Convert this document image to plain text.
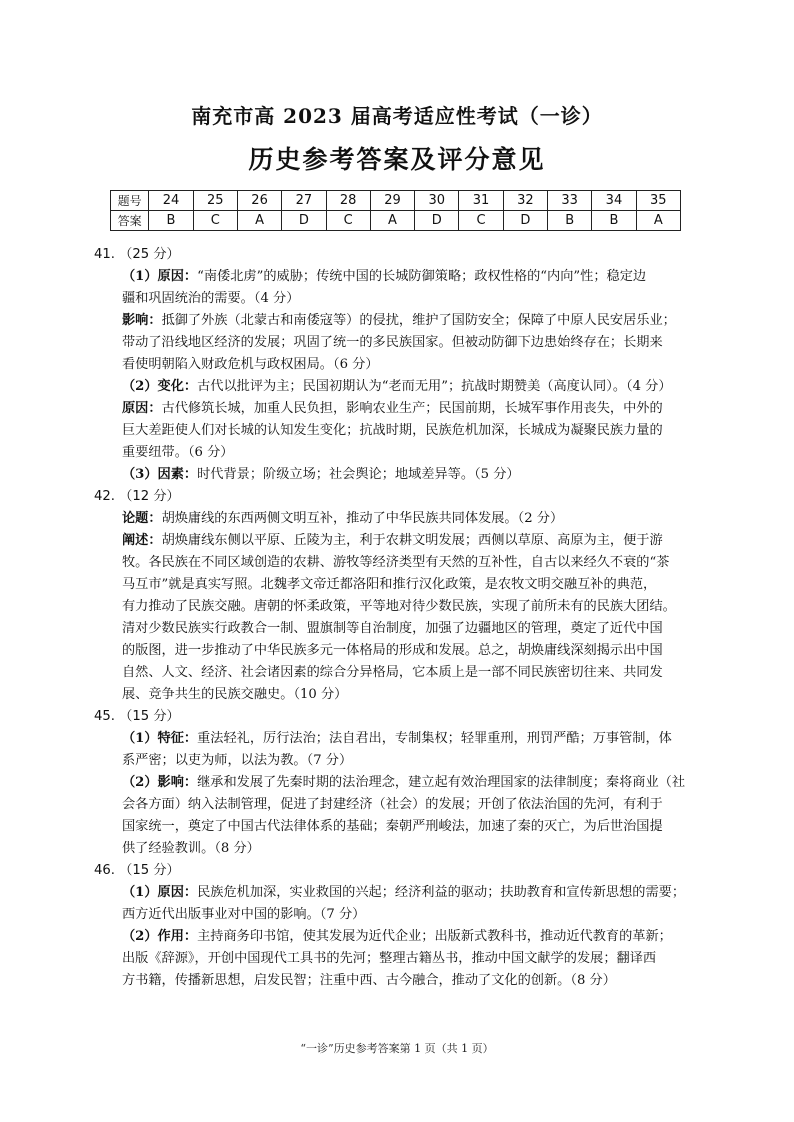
南充市高 2023 届高考适应性考试（一诊）
历史参考答案及评分意见
题号	24	25	26	27	28	29	30	31	32	33	34	35
答案	B	C	A	D	C	A	D	C	D	B	B	A
41. （25 分）
（1）原因：“南倭北虏”的威胁；传统中国的长城防御策略；政权性格的“内向”性；稳定边
疆和巩固统治的需要。（4 分）
影响：抵御了外族（北蒙古和南倭寇等）的侵扰，维护了国防安全；保障了中原人民安居乐业；
带动了沿线地区经济的发展；巩固了统一的多民族国家。但被动防御下边患始终存在；长期来
看使明朝陷入财政危机与政权困局。（6 分）
（2）变化：古代以批评为主；民国初期认为“老而无用”；抗战时期赞美（高度认同）。（4 分）
原因：古代修筑长城，加重人民负担，影响农业生产；民国前期，长城军事作用丧失，中外的
巨大差距使人们对长城的认知发生变化；抗战时期，民族危机加深，长城成为凝聚民族力量的
重要纽带。（6 分）
（3）因素：时代背景；阶级立场；社会舆论；地域差异等。（5 分）
42. （12 分）
论题：胡焕庸线的东西两侧文明互补，推动了中华民族共同体发展。（2 分）
阐述：胡焕庸线东侧以平原、丘陵为主，利于农耕文明发展；西侧以草原、高原为主，便于游
牧。各民族在不同区域创造的农耕、游牧等经济类型有天然的互补性，自古以来经久不衰的“茶
马互市”就是真实写照。北魏孝文帝迁都洛阳和推行汉化政策，是农牧文明交融互补的典范，
有力推动了民族交融。唐朝的怀柔政策，平等地对待少数民族，实现了前所未有的民族大团结。
清对少数民族实行政教合一制、盟旗制等自治制度，加强了边疆地区的管理，奠定了近代中国
的版图，进一步推动了中华民族多元一体格局的形成和发展。总之，胡焕庸线深刻揭示出中国
自然、人文、经济、社会诸因素的综合分异格局，它本质上是一部不同民族密切往来、共同发
展、竞争共生的民族交融史。（10 分）
45. （15 分）
（1）特征：重法轻礼，厉行法治；法自君出，专制集权；轻罪重刑，刑罚严酷；万事管制，体
系严密；以吏为师，以法为教。（7 分）
（2）影响：继承和发展了先秦时期的法治理念，建立起有效治理国家的法律制度；秦将商业（社
会各方面）纳入法制管理，促进了封建经济（社会）的发展；开创了依法治国的先河，有利于
国家统一，奠定了中国古代法律体系的基础；秦朝严刑峻法，加速了秦的灭亡，为后世治国提
供了经验教训。（8 分）
46. （15 分）
（1）原因：民族危机加深，实业救国的兴起；经济利益的驱动；扶助教育和宣传新思想的需要；
西方近代出版事业对中国的影响。（7 分）
（2）作用：主持商务印书馆，使其发展为近代企业；出版新式教科书，推动近代教育的革新；
出版《辞源》，开创中国现代工具书的先河；整理古籍丛书，推动中国文献学的发展；翻译西
方书籍，传播新思想，启发民智；注重中西、古今融合，推动了文化的创新。（8 分）
“一诊”历史参考答案第 1 页（共 1 页）
